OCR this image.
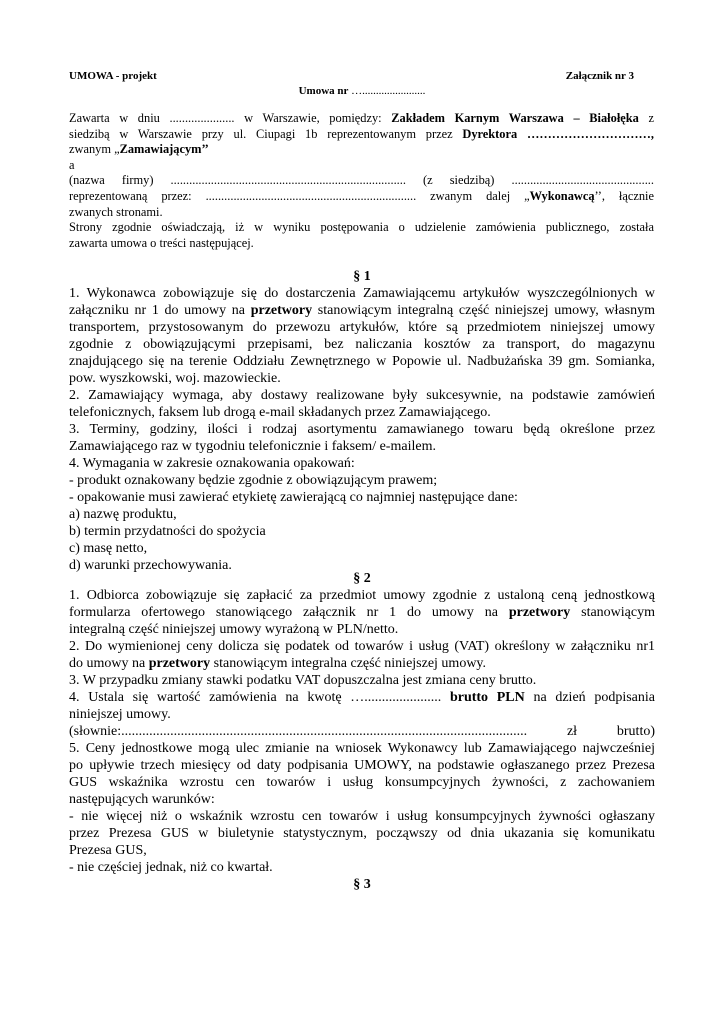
UMOWA - projekt	Załącznik nr 3
Umowa nr ….......................
Zawarta w dniu ..................... w Warszawie, pomiędzy: Zakładem Karnym Warszawa – Białołęka z
siedzibą w Warszawie przy ul. Ciupagi 1b reprezentowanym przez Dyrektora …………………………,
zwanym „Zamawiającym’’
a
(nazwa firmy) ............................................................................ (z siedzibą) ..............................................
reprezentowaną przez: .................................................................... zwanym dalej „Wykonawcą’’, łącznie
zwanych stronami.
Strony zgodnie oświadczają, iż w wyniku postępowania o udzielenie zamówienia publicznego, została
zawarta umowa o treści następującej.
§ 1
1. Wykonawca zobowiązuje się do dostarczenia Zamawiającemu artykułów wyszczególnionych w
załączniku nr 1 do umowy na przetwory stanowiącym integralną część niniejszej umowy, własnym
transportem, przystosowanym do przewozu artykułów, które są przedmiotem niniejszej umowy
zgodnie z obowiązującymi przepisami, bez naliczania kosztów za transport, do magazynu
znajdującego się na terenie Oddziału Zewnętrznego w Popowie ul. Nadbużańska 39 gm. Somianka,
pow. wyszkowski, woj. mazowieckie.
2. Zamawiający wymaga, aby dostawy realizowane były sukcesywnie, na podstawie zamówień
telefonicznych, faksem lub drogą e-mail składanych przez Zamawiającego.
3. Terminy, godziny, ilości i rodzaj asortymentu zamawianego towaru będą określone przez
Zamawiającego raz w tygodniu telefonicznie i faksem/ e-mailem.
4. Wymagania w zakresie oznakowania opakowań:
- produkt oznakowany będzie zgodnie z obowiązującym prawem;
- opakowanie musi zawierać etykietę zawierającą co najmniej następujące dane:
a) nazwę produktu,
b) termin przydatności do spożycia
c) masę netto,
d) warunki przechowywania.
§ 2
1. Odbiorca zobowiązuje się zapłacić za przedmiot umowy zgodnie z ustaloną ceną jednostkową
formularza ofertowego stanowiącego załącznik nr 1 do umowy na przetwory stanowiącym
integralną część niniejszej umowy wyrażoną w PLN/netto.
2. Do wymienionej ceny dolicza się podatek od towarów i usług (VAT) określony w załączniku nr1
do umowy na przetwory stanowiącym integralna część niniejszej umowy.
3. W przypadku zmiany stawki podatku VAT dopuszczalna jest zmiana ceny brutto.
4. Ustala się wartość zamówienia na kwotę …...................... brutto PLN na dzień podpisania
niniejszej umowy.
(słownie:.................................................................................................................... zł brutto)
5. Ceny jednostkowe mogą ulec zmianie na wniosek Wykonawcy lub Zamawiającego najwcześniej
po upływie trzech miesięcy od daty podpisania UMOWY, na podstawie ogłaszanego przez Prezesa
GUS wskaźnika wzrostu cen towarów i usług konsumpcyjnych żywności, z zachowaniem
następujących warunków:
- nie więcej niż o wskaźnik wzrostu cen towarów i usług konsumpcyjnych żywności ogłaszany
przez Prezesa GUS w biuletynie statystycznym, począwszy od dnia ukazania się komunikatu
Prezesa GUS,
- nie częściej jednak, niż co kwartał.
§ 3
